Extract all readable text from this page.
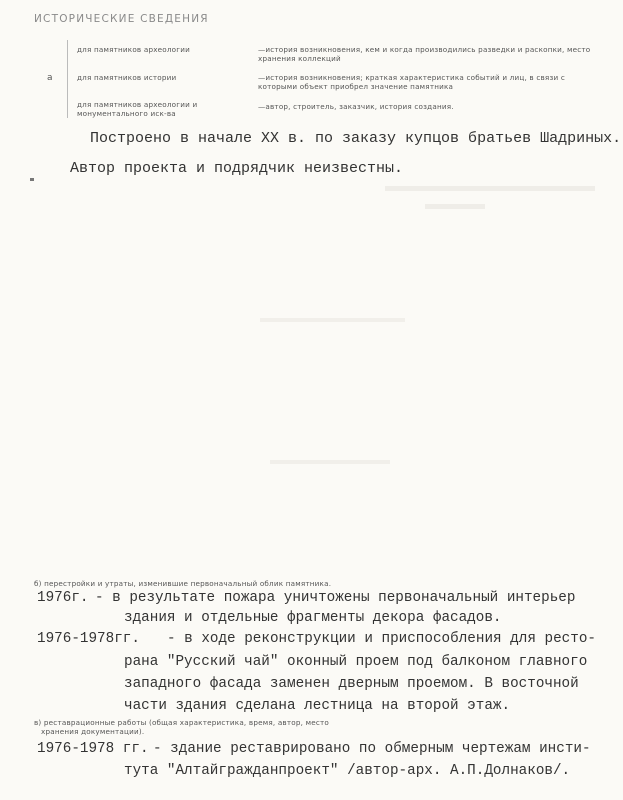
ИСТОРИЧЕСКИЕ СВЕДЕНИЯ
а
для памятников археологии	—история возникновения, кем и когда производились разведки и раскопки, место хранения коллекций
для памятников истории	—история возникновения; краткая характеристика событий и лиц, в связи с которыми объект приобрел значение памятника
для памятников археологии и монументального иск-ва
—автор, строитель, заказчик, история создания.
Построено в начале XX в. по заказу купцов братьев Шадриных.
Автор проекта и подрядчик неизвестны.
б) перестройки и утраты, изменившие первоначальный облик памятника.
1976г. - в результате пожара уничтожены первоначальный интерьер
здания и отдельные фрагменты декора фасадов.
1976-1978гг. - в ходе реконструкции и приспособления для ресто-
рана "Русский чай" оконный проем под балконом главного
западного фасада заменен дверным проемом. В восточной
части здания сделана лестница на второй этаж.
в) реставрационные работы (общая характеристика, время, автор, место
хранения документации).
1976-1978 гг. - здание реставрировано по обмерным чертежам инсти-
тута "Алтайгражданпроект" /автор-арх. А.П.Долнаков/.
